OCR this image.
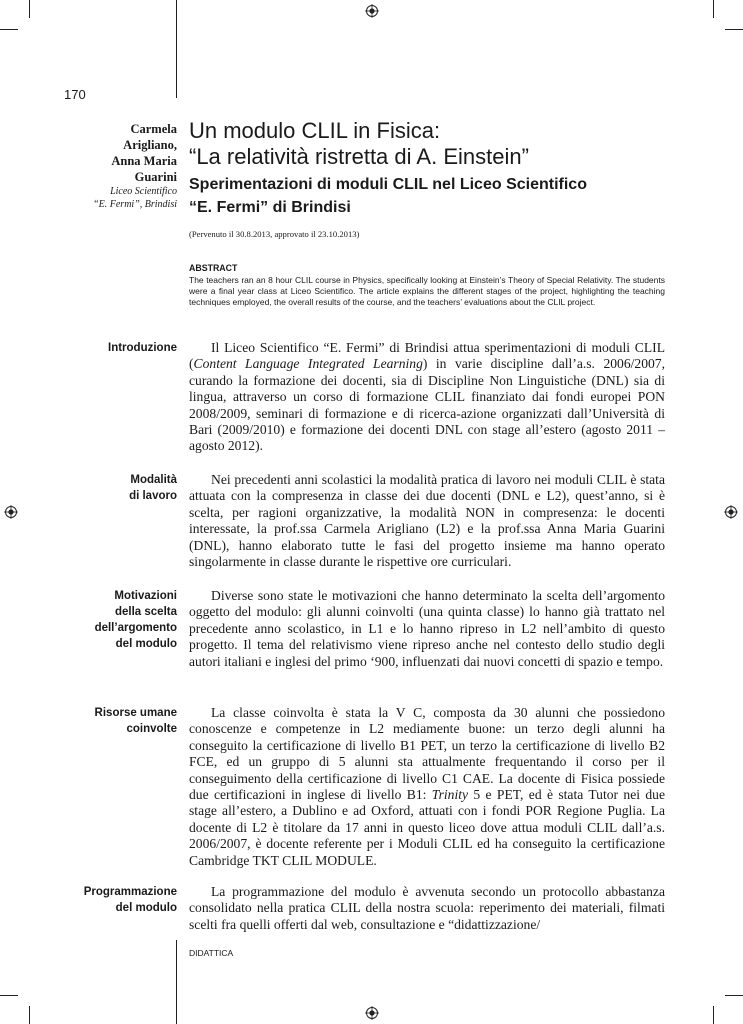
170
Carmela
Arigliano,
Anna Maria
Guarini
Liceo Scientifico
“E. Fermi”, Brindisi
Un modulo CLIL in Fisica:
“La relatività ristretta di A. Einstein”
Sperimentazioni di moduli CLIL nel Liceo Scientifico
“E. Fermi” di Brindisi
(Pervenuto il 30.8.2013, approvato il 23.10.2013)
ABSTRACT
The teachers ran an 8 hour CLIL course in Physics, specifically looking at Einstein’s Theory of Special Relativity. The students were a final year class at Liceo Scientifico. The article explains the different stages of the project, highlighting the teaching techniques employed, the overall results of the course, and the teachers’ evaluations about the CLIL project.
Introduzione	Il Liceo Scientifico “E. Fermi” di Brindisi attua sperimentazioni di moduli CLIL (Content Language Integrated Learning) in varie discipline dall’a.s. 2006/2007, curando la formazione dei docenti, sia di Discipline Non Linguistiche (DNL) sia di lingua, attraverso un corso di formazione CLIL finanziato dai fondi europei PON 2008/2009, seminari di formazione e di ricerca-azione organizzati dall’Università di Bari (2009/2010) e formazione dei docenti DNL con stage all’estero (agosto 2011 – agosto 2012).

Modalità
di lavoro

Nei precedenti anni scolastici la modalità pratica di lavoro nei moduli CLIL è stata attuata con la compresenza in classe dei due docenti (DNL e L2), quest’anno, si è scelta, per ragioni organizzative, la modalità NON in compresenza: le docenti interessate, la prof.ssa Carmela Arigliano (L2) e la prof.ssa Anna Maria Guarini (DNL), hanno elaborato tutte le fasi del progetto insieme ma hanno operato singolarmente in classe durante le rispettive ore curriculari.

Motivazioni
della scelta
dell’argomento
del modulo

Diverse sono state le motivazioni che hanno determinato la scelta dell’argomento oggetto del modulo: gli alunni coinvolti (una quinta classe) lo hanno già trattato nel precedente anno scolastico, in L1 e lo hanno ripreso in L2 nell’ambito di questo progetto. Il tema del relativismo viene ripreso anche nel contesto dello studio degli autori italiani e inglesi del primo ‘900, influenzati dai nuovi concetti di spazio e tempo.

Risorse umane
coinvolte

La classe coinvolta è stata la V C, composta da 30 alunni che possiedono conoscenze e competenze in L2 mediamente buone: un terzo degli alunni ha conseguito la certificazione di livello B1 PET, un terzo la certificazione di livello B2 FCE, ed un gruppo di 5 alunni sta attualmente frequentando il corso per il conseguimento della certificazione di livello C1 CAE. La docente di Fisica possiede due certificazioni in inglese di livello B1: Trinity 5 e PET, ed è stata Tutor nei due stage all’estero, a Dublino e ad Oxford, attuati con i fondi POR Regione Puglia. La docente di L2 è titolare da 17 anni in questo liceo dove attua moduli CLIL dall’a.s. 2006/2007, è docente referente per i Moduli CLIL ed ha conseguito la certificazione Cambridge TKT CLIL MODULE.

Programmazione
del modulo

La programmazione del modulo è avvenuta secondo un protocollo abbastanza consolidato nella pratica CLIL della nostra scuola: reperimento dei materiali, filmati scelti fra quelli offerti dal web, consultazione e “didattizzazione/

DIDATTICA
